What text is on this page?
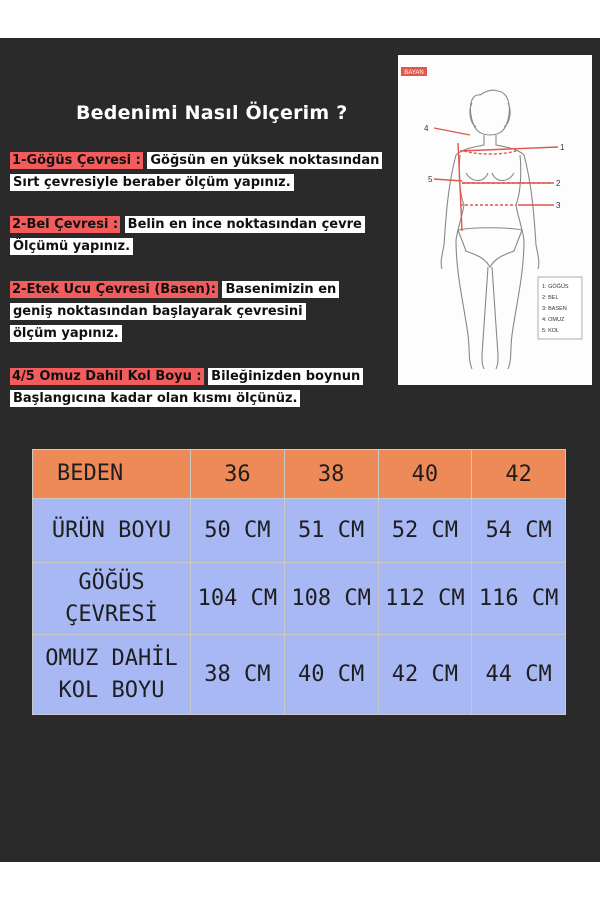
Bedenimi Nasıl Ölçerim ?
1-Göğüs Çevresi : Göğsün en yüksek noktasından
Sırt çevresiyle beraber ölçüm yapınız.
2-Bel Çevresi : Belin en ince noktasından çevre
Ölçümü yapınız.
2-Etek Ucu Çevresi (Basen): Basenimizin en
geniş noktasından başlayarak çevresini
ölçüm yapınız.
4/5 Omuz Dahil Kol Boyu : Bileğinizden boynun
Başlangıcına kadar olan kısmı ölçünüz.
BAYAN
4
5
1
2
3
1: GÖĞÜS
2: BEL
3: BASEN
4: OMUZ
5: KOL
BEDEN	36	38	40	42
ÜRÜN BOYU	50 CM	51 CM	52 CM	54 CM
GÖĞÜS
ÇEVRESİ	104 CM	108 CM	112 CM	116 CM
OMUZ DAHİL
KOL BOYU	38 CM	40 CM	42 CM	44 CM
